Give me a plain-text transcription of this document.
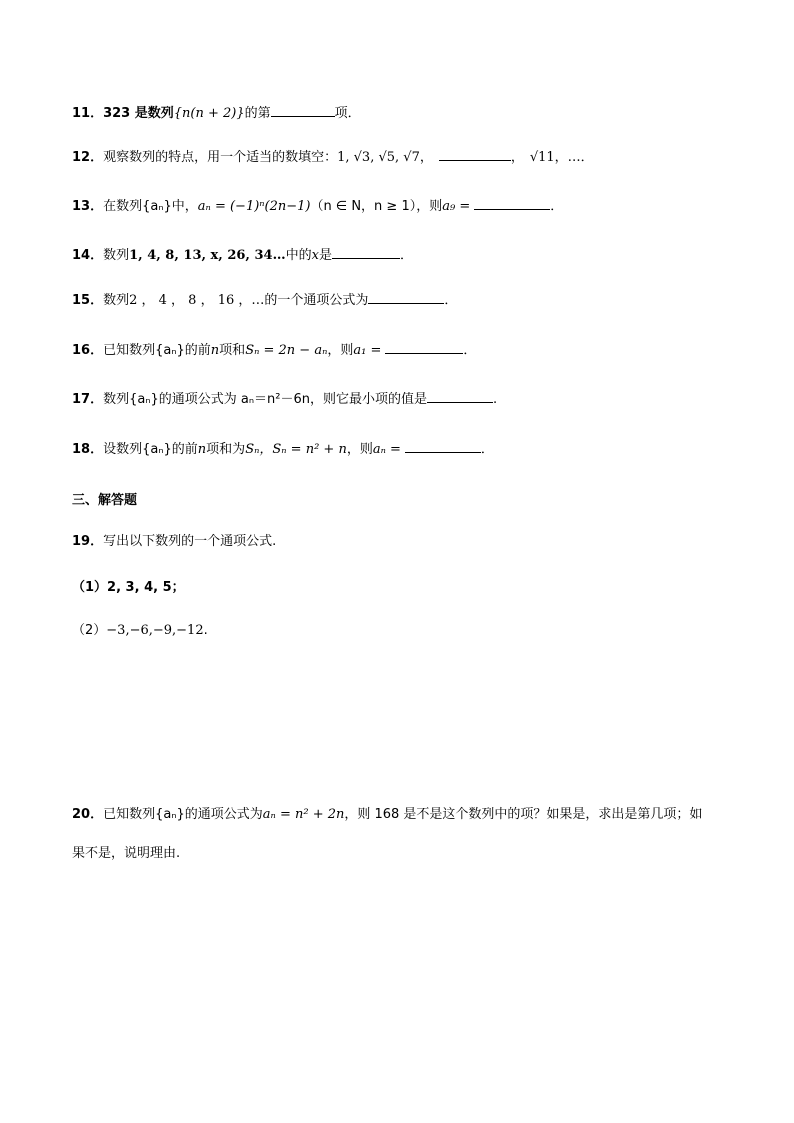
11．323 是数列{n(n + 2)}的第	项．
12．观察数列的特点，用一个适当的数填空：1, √3, √5, √7，	， √11，…．
13．在数列{aₙ}中，aₙ = (−1)ⁿ(2n−1)（n ∈ N，n ≥ 1），则a₉ =	．
14．数列1, 4, 8, 13, x, 26, 34…中的x是	．
15．数列2 ， 4 ， 8 ， 16 ，…的一个通项公式为	．
16．已知数列{aₙ}的前n项和Sₙ = 2n − aₙ，则a₁ =	．
17．数列{aₙ}的通项公式为 aₙ＝n²－6n，则它最小项的值是	.
18．设数列{aₙ}的前n项和为Sₙ，Sₙ = n² + n，则aₙ =	．
三、解答题
19．写出以下数列的一个通项公式.
（1）2, 3, 4, 5；
（2）−3,−6,−9,−12.
20．已知数列{aₙ}的通项公式为aₙ = n² + 2n，则 168 是不是这个数列中的项？如果是，求出是第几项；如
果不是，说明理由.
